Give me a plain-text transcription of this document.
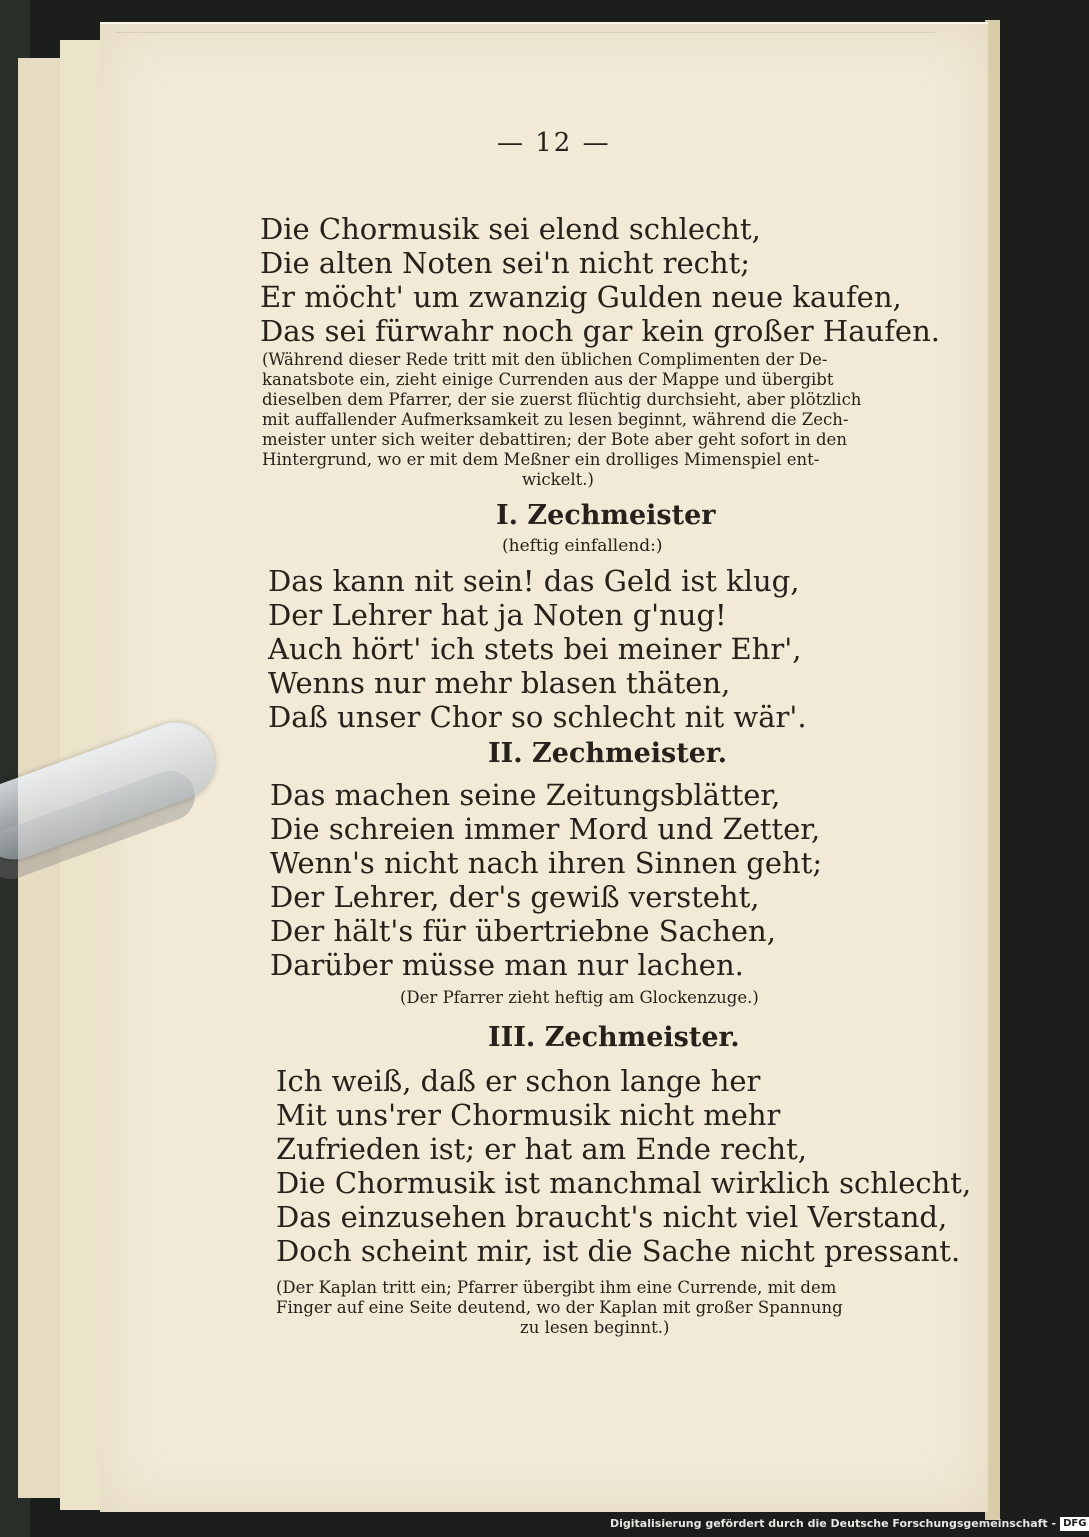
— 12 —
Die Chormusik sei elend schlecht,
Die alten Noten sei'n nicht recht;
Er möcht' um zwanzig Gulden neue kaufen,
Das sei fürwahr noch gar kein großer Haufen.
(Während dieser Rede tritt mit den üblichen Complimenten der De-
kanatsbote ein, zieht einige Currenden aus der Mappe und übergibt
dieselben dem Pfarrer, der sie zuerst flüchtig durchsieht, aber plötzlich
mit auffallender Aufmerksamkeit zu lesen beginnt, während die Zech-
meister unter sich weiter debattiren; der Bote aber geht sofort in den
Hintergrund, wo er mit dem Meßner ein drolliges Mimenspiel ent-
wickelt.)
I. Zechmeister
(heftig einfallend:)
Das kann nit sein! das Geld ist klug,
Der Lehrer hat ja Noten g'nug!
Auch hört' ich stets bei meiner Ehr',
Wenns nur mehr blasen thäten,
Daß unser Chor so schlecht nit wär'.
II. Zechmeister.
Das machen seine Zeitungsblätter,
Die schreien immer Mord und Zetter,
Wenn's nicht nach ihren Sinnen geht;
Der Lehrer, der's gewiß versteht,
Der hält's für übertriebne Sachen,
Darüber müsse man nur lachen.
(Der Pfarrer zieht heftig am Glockenzuge.)
III. Zechmeister.
Ich weiß, daß er schon lange her
Mit uns'rer Chormusik nicht mehr
Zufrieden ist; er hat am Ende recht,
Die Chormusik ist manchmal wirklich schlecht,
Das einzusehen braucht's nicht viel Verstand,
Doch scheint mir, ist die Sache nicht pressant.
(Der Kaplan tritt ein; Pfarrer übergibt ihm eine Currende, mit dem
Finger auf eine Seite deutend, wo der Kaplan mit großer Spannung
zu lesen beginnt.)
Digitalisierung gefördert durch die Deutsche Forschungsgemeinschaft - DFG
